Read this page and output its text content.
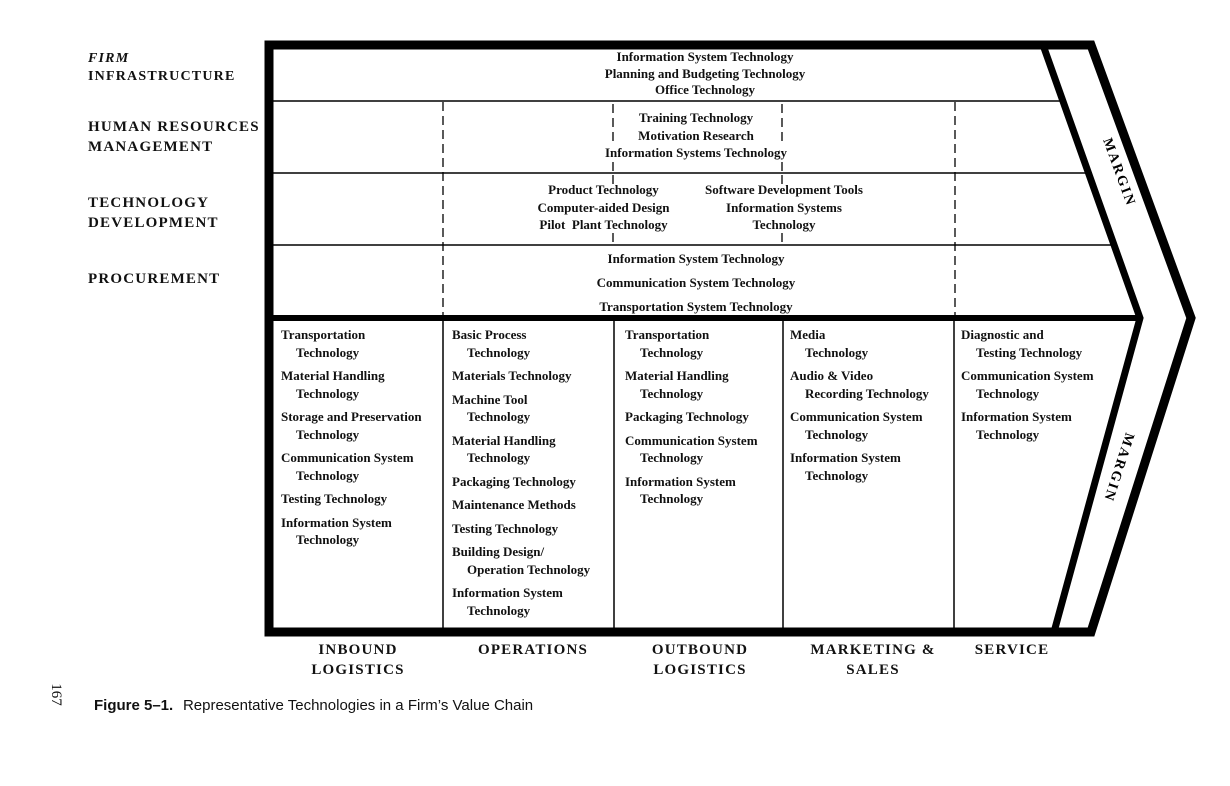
MARGIN
MARGIN
FIRM
INFRASTRUCTURE
HUMAN RESOURCES
MANAGEMENT
TECHNOLOGY
DEVELOPMENT
PROCUREMENT
Information System Technology
Planning and Budgeting Technology
Office Technology
Training Technology
Motivation Research
Information Systems Technology
Product Technology
Computer-aided Design
Pilot  Plant Technology
Software Development Tools
Information Systems
Technology
Information System Technology
Communication System Technology
Transportation System Technology
Transportation
Technology
Material Handling
Technology
Storage and Preservation
Technology
Communication System
Technology
Testing Technology
Information System
Technology
Basic Process
Technology
Materials Technology
Machine Tool
Technology
Material Handling
Technology
Packaging Technology
Maintenance Methods
Testing Technology
Building Design/
Operation Technology
Information System
Technology
Transportation
Technology
Material Handling
Technology
Packaging Technology
Communication System
Technology
Information System
Technology
Media
Technology
Audio & Video
Recording Technology
Communication System
Technology
Information System
Technology
Diagnostic and
Testing Technology
Communication System
Technology
Information System
Technology
INBOUND
LOGISTICS
OPERATIONS	OUTBOUND
LOGISTICS
MARKETING &
SALES
SERVICE
Figure 5–1. Representative Technologies in a Firm’s Value Chain
167
